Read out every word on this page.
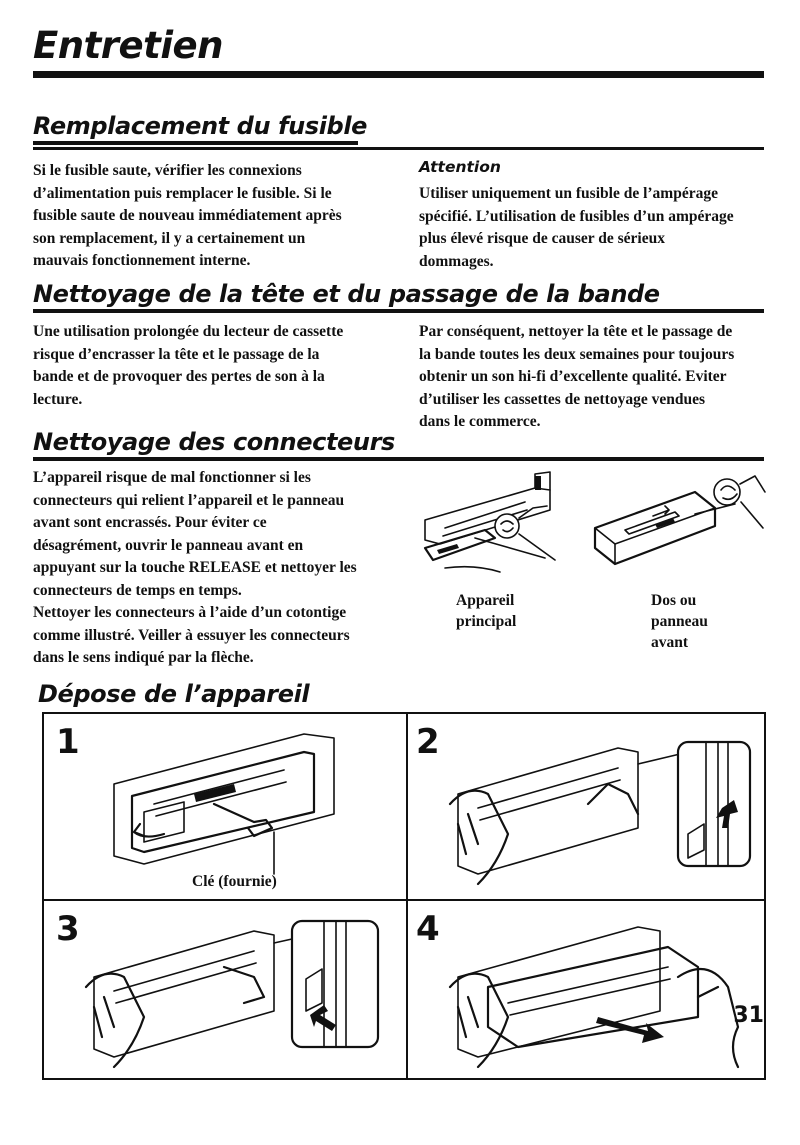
Entretien
Remplacement du fusible
Si le fusible saute, vérifier les connexions
d’alimentation puis remplacer le fusible. Si le
fusible saute de nouveau immédiatement après
son remplacement, il y a certainement un
mauvais fonctionnement interne.
Attention
Utiliser uniquement un fusible de l’ampérage
spécifié. L’utilisation de fusibles d’un ampérage
plus élevé risque de causer de sérieux
dommages.
Nettoyage de la tête et du passage de la bande
Une utilisation prolongée du lecteur de cassette
risque d’encrasser la tête et le passage de la
bande et de provoquer des pertes de son à la
lecture.
Par conséquent, nettoyer la tête et le passage de
la bande toutes les deux semaines pour toujours
obtenir un son hi-fi d’excellente qualité. Eviter
d’utiliser les cassettes de nettoyage vendues
dans le commerce.
Nettoyage des connecteurs
L’appareil risque de mal fonctionner si les
connecteurs qui relient l’appareil et le panneau
avant sont encrassés. Pour éviter ce
désagrément, ouvrir le panneau avant en
appuyant sur la touche RELEASE et nettoyer les
connecteurs de temps en temps.
Nettoyer les connecteurs à l’aide d’un cotontige
comme illustré. Veiller à essuyer les connecteurs
dans le sens indiqué par la flèche.
Appareil
principal
Dos ou
panneau
avant
Dépose de l’appareil
1
Clé (fournie)
2
3	4
31
